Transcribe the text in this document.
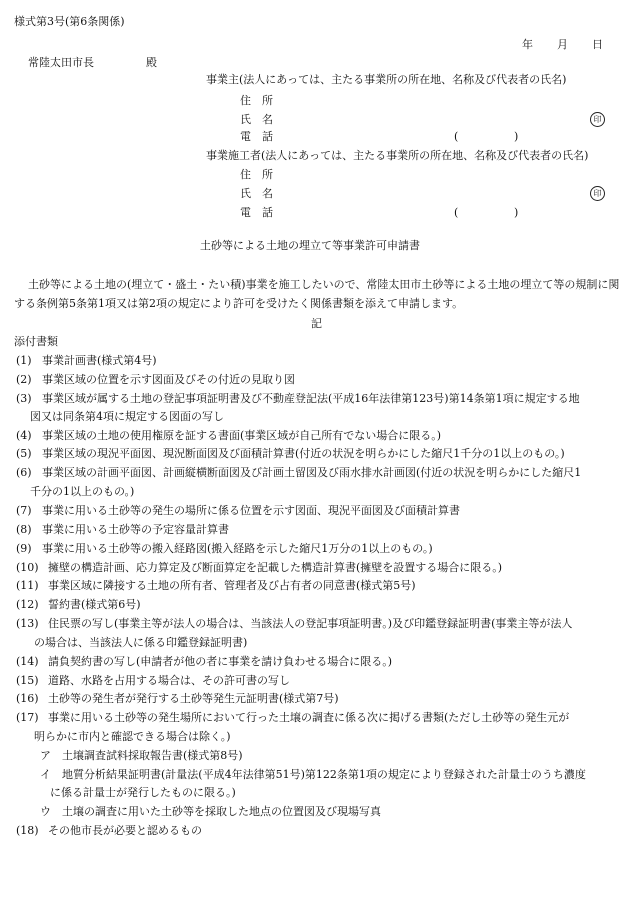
様式第3号(第6条関係)
年 月 日
常陸太田市長	殿
事業主(法人にあっては、主たる事業所の所在地、名称及び代表者の氏名)
住　所
氏　名	印
電　話	(	)
事業施工者(法人にあっては、主たる事業所の所在地、名称及び代表者の氏名)
住　所
氏　名	印
電　話	(	)
土砂等による土地の埋立て等事業許可申請書
土砂等による土地の(埋立て・盛土・たい積)事業を施工したいので、常陸太田市土砂等による土地の埋立て等の規制に関する条例第5条第1項又は第2項の規定により許可を受けたく関係書類を添えて申請します。
記
添付書類
(1) 事業計画書(様式第4号)
(2) 事業区域の位置を示す図面及びその付近の見取り図
(3) 事業区域が属する土地の登記事項証明書及び不動産登記法(平成16年法律第123号)第14条第1項に規定する地
図又は同条第4項に規定する図面の写し
(4) 事業区域の土地の使用権原を証する書面(事業区域が自己所有でない場合に限る。)
(5) 事業区域の現況平面図、現況断面図及び面積計算書(付近の状況を明らかにした縮尺1千分の1以上のもの。)
(6) 事業区域の計画平面図、計画縦横断面図及び計画土留図及び雨水排水計画図(付近の状況を明らかにした縮尺1
千分の1以上のもの。)
(7) 事業に用いる土砂等の発生の場所に係る位置を示す図面、現況平面図及び面積計算書
(8) 事業に用いる土砂等の予定容量計算書
(9) 事業に用いる土砂等の搬入経路図(搬入経路を示した縮尺1万分の1以上のもの。)
(10) 擁壁の構造計画、応力算定及び断面算定を記載した構造計算書(擁壁を設置する場合に限る。)
(11) 事業区域に隣接する土地の所有者、管理者及び占有者の同意書(様式第5号)
(12) 誓約書(様式第6号)
(13) 住民票の写し(事業主等が法人の場合は、当該法人の登記事項証明書。)及び印鑑登録証明書(事業主等が法人
の場合は、当該法人に係る印鑑登録証明書)
(14) 請負契約書の写し(申請者が他の者に事業を請け負わせる場合に限る。)
(15) 道路、水路を占用する場合は、その許可書の写し
(16) 土砂等の発生者が発行する土砂等発生元証明書(様式第7号)
(17) 事業に用いる土砂等の発生場所において行った土壌の調査に係る次に掲げる書類(ただし土砂等の発生元が
明らかに市内と確認できる場合は除く。)
ア 土壌調査試料採取報告書(様式第8号)
イ 地質分析結果証明書(計量法(平成4年法律第51号)第122条第1項の規定により登録された計量士のうち濃度
に係る計量士が発行したものに限る。)
ウ 土壌の調査に用いた土砂等を採取した地点の位置図及び現場写真
(18) その他市長が必要と認めるもの
